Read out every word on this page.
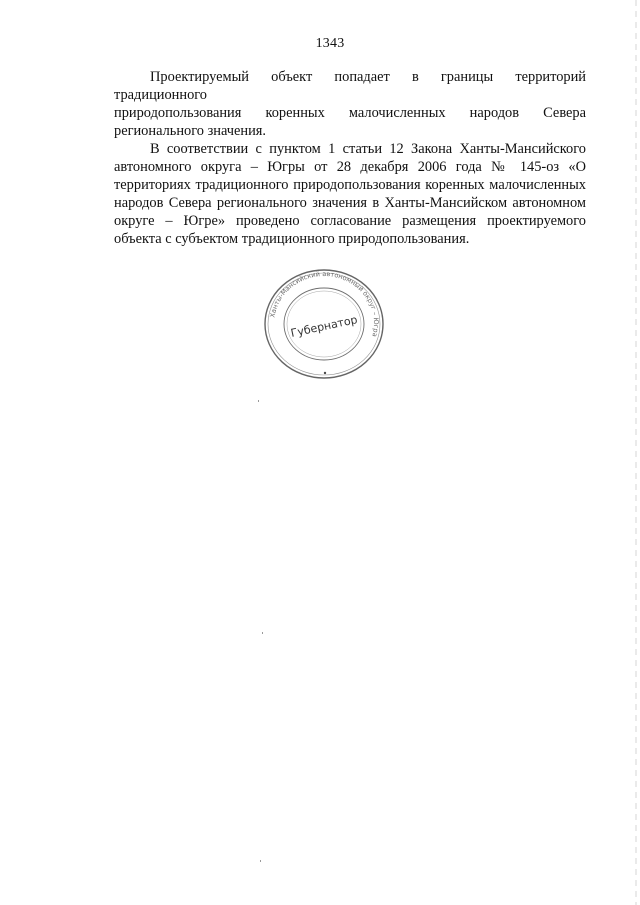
1343

Проектируемый объект попадает в границы территорий традиционного
природопользования коренных малочисленных народов Севера
регионального значения.

В соответствии с пунктом 1 статьи 12 Закона Ханты-Мансийского
автономного округа – Югры от 28 декабря 2006 года № 145-оз «О
территориях традиционного природопользования коренных малочисленных
народов Севера регионального значения в Ханты-Мансийском автономном
округе – Югре» проведено согласование размещения проектируемого
объекта с субъектом традиционного природопользования.

Ханты-Мансийский автономный округ – Югра
Губернатор
